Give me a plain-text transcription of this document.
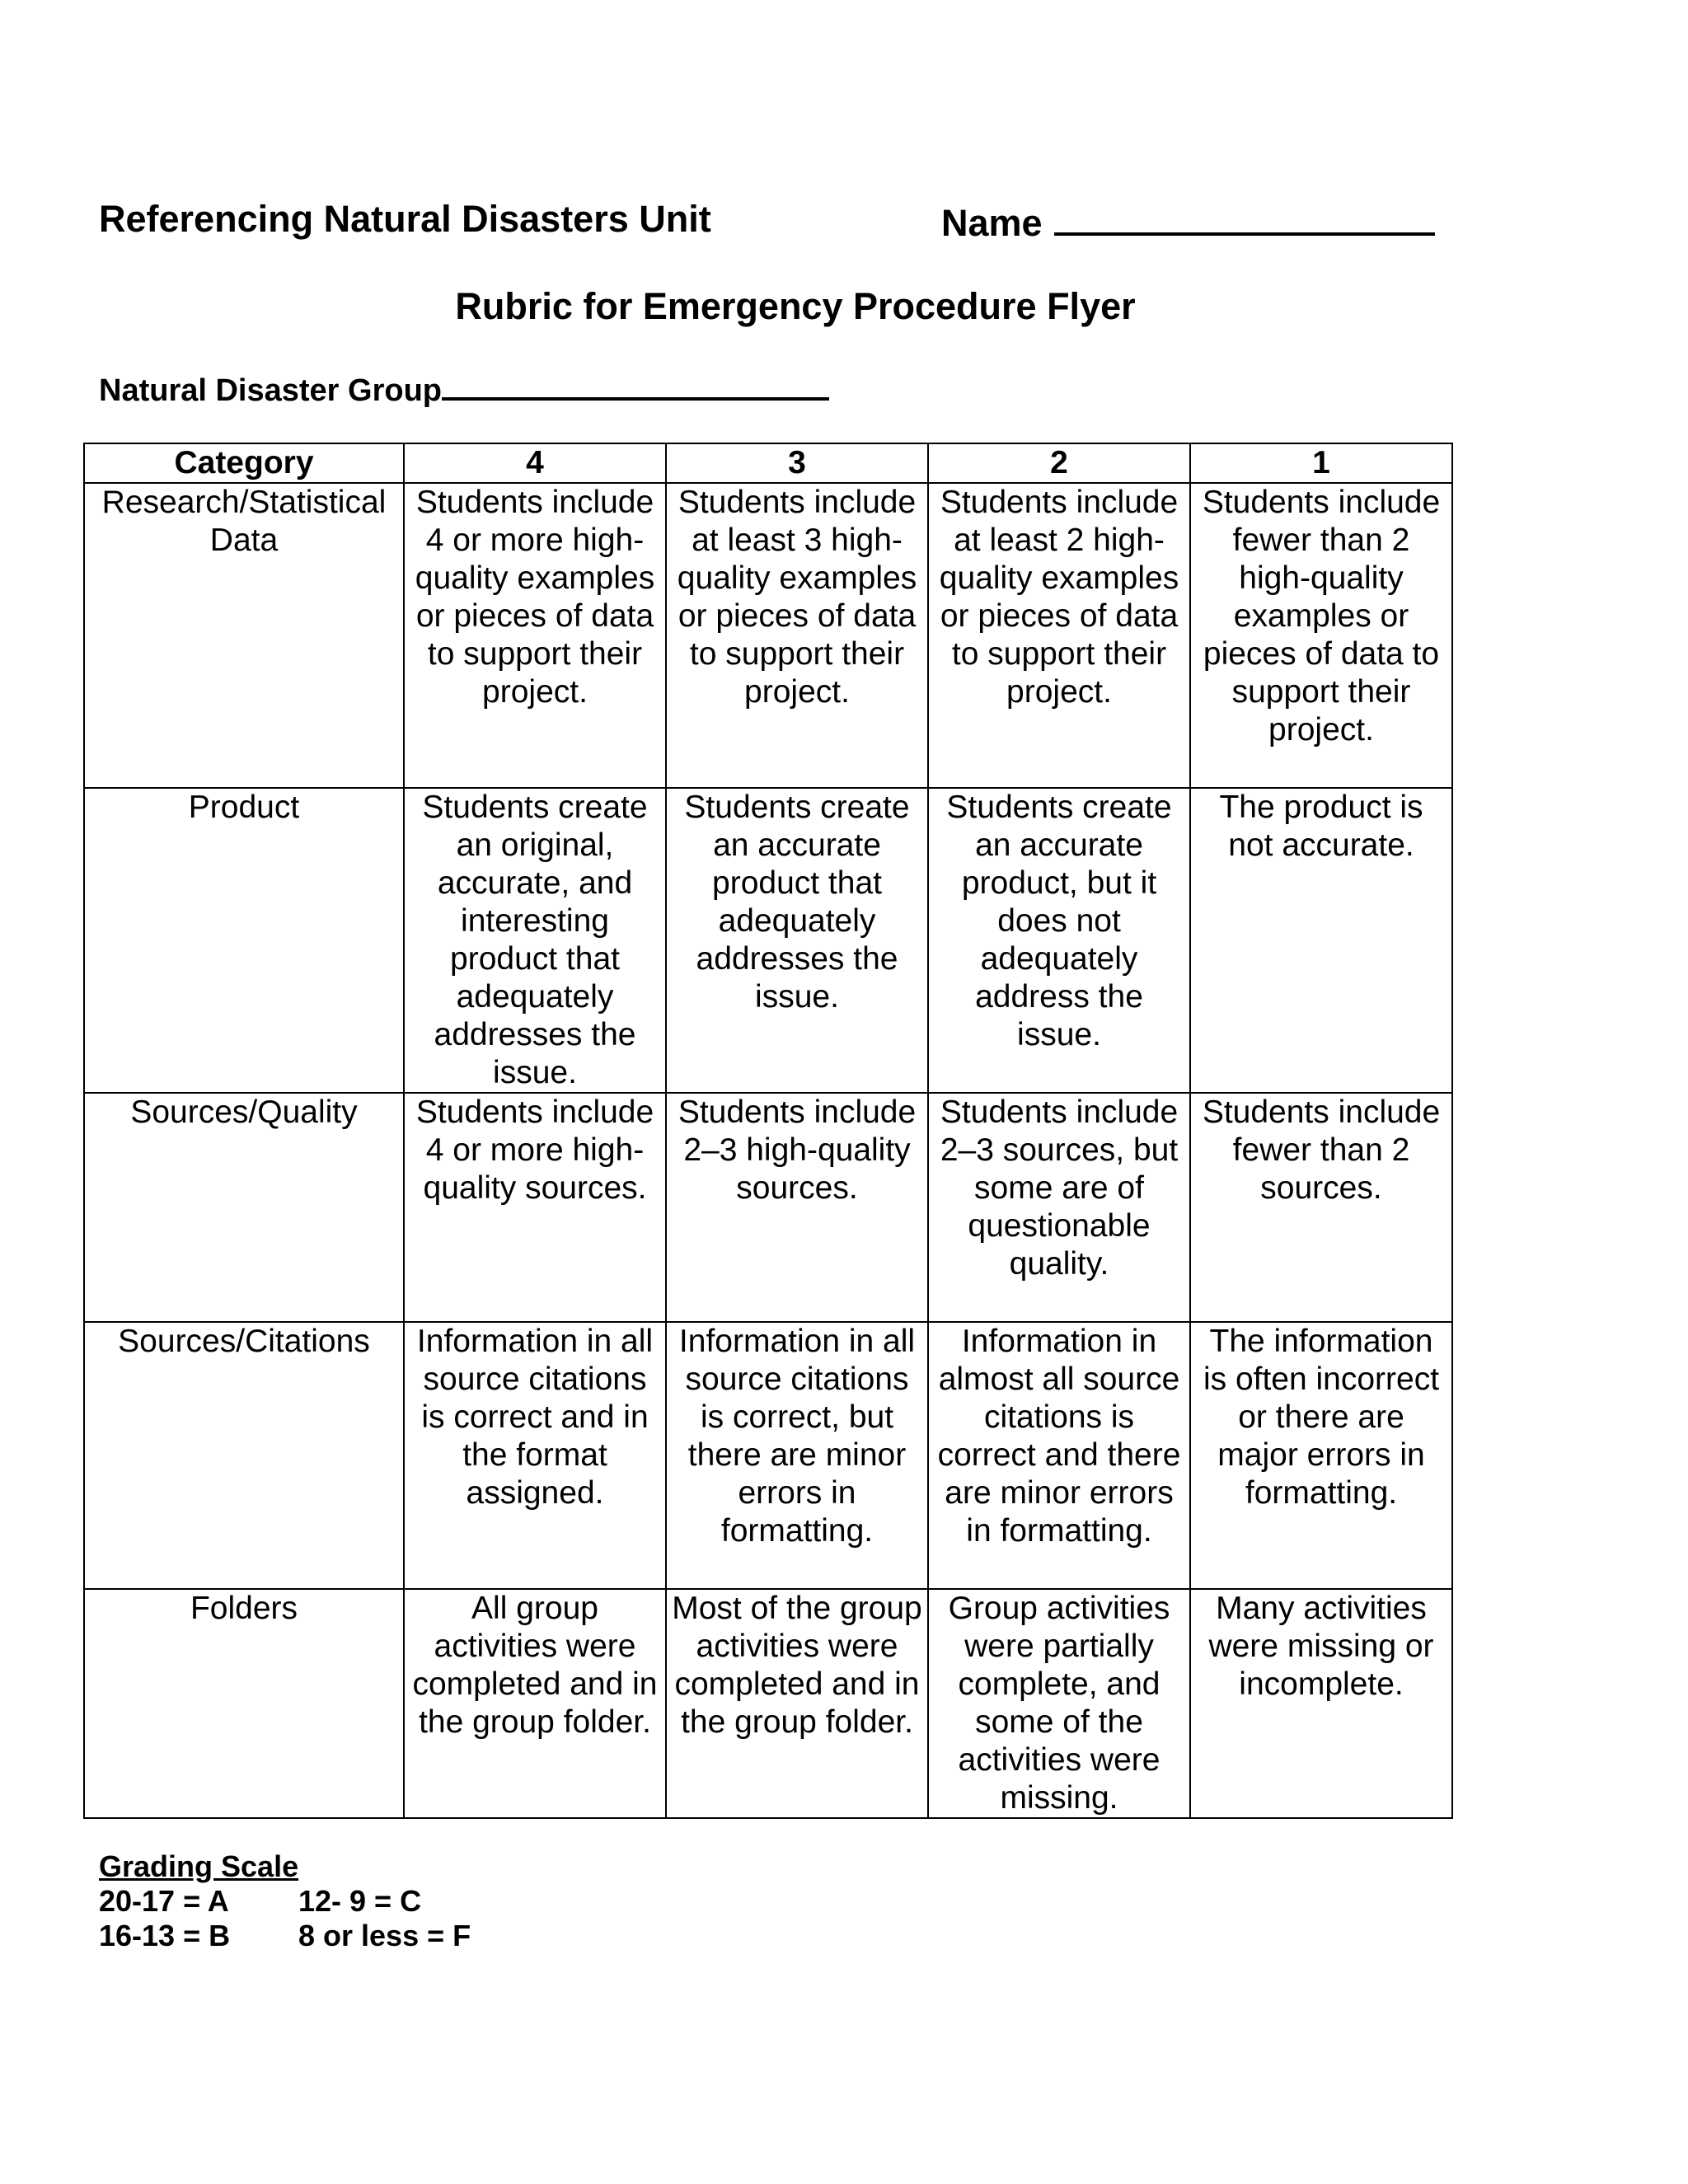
Referencing Natural Disasters Unit	Name
Rubric for Emergency Procedure Flyer
Natural Disaster Group
Category	4	3	2	1
Research/Statistical Data	Students include 4 or more high-quality examples or pieces of data to support their project.	Students include at least 3 high-quality examples or pieces of data to support their project.	Students include at least 2 high-quality examples or pieces of data to support their project.	Students include fewer than 2 high-quality examples or pieces of data to support their project.
Product	Students create an original, accurate, and interesting product that adequately addresses the issue.	Students create an accurate product that adequately addresses the issue.	Students create an accurate product, but it does not adequately address the issue.	The product is not accurate.
Sources/Quality	Students include 4 or more high-quality sources.	Students include 2–3 high-quality sources.	Students include 2–3 sources, but some are of questionable quality.	Students include fewer than 2 sources.
Sources/Citations	Information in all source citations is correct and in the format assigned.	Information in all source citations is correct, but there are minor errors in formatting.	Information in almost all source citations is correct and there are minor errors in formatting.	The information is often incorrect or there are major errors in formatting.
Folders	All group activities were completed and in the group folder.	Most of the group activities were completed and in the group folder.	Group activities were partially complete, and some of the activities were missing.	Many activities were missing or incomplete.
Grading Scale
20-17 = A 12- 9 = C
16-13 = B 8 or less = F
